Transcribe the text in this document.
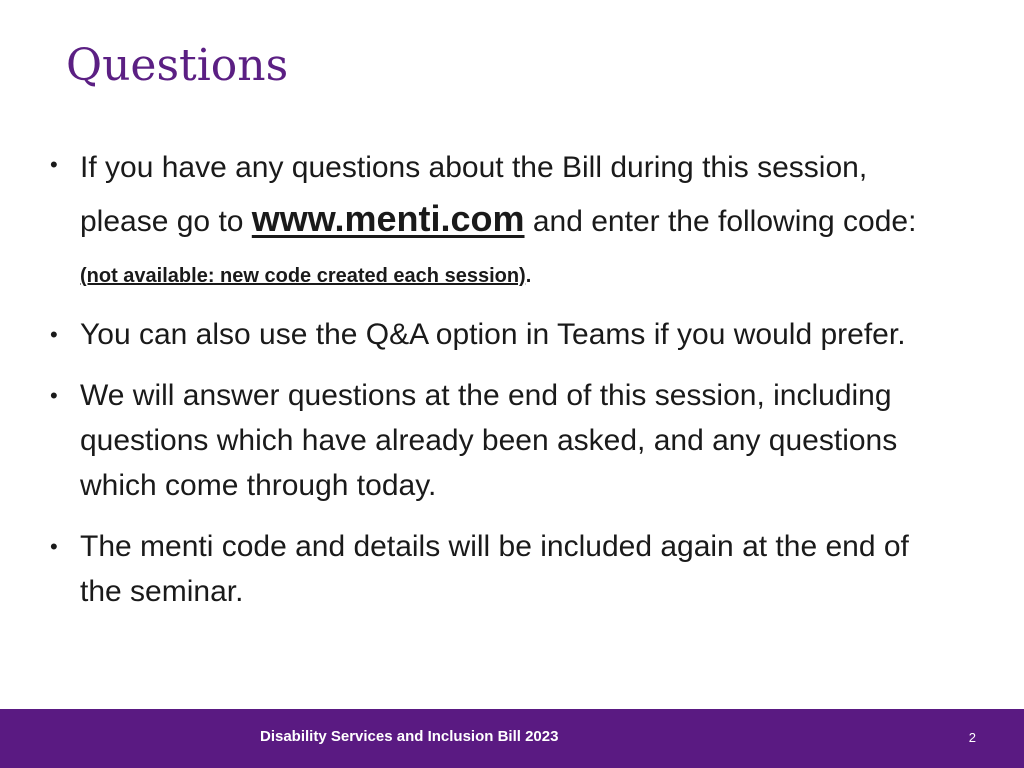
Questions
• If you have any questions about the Bill during this session, please go to www.menti.com and enter the following code: (not available: new code created each session).
• You can also use the Q&A option in Teams if you would prefer.
• We will answer questions at the end of this session, including questions which have already been asked, and any questions which come through today.
• The menti code and details will be included again at the end of the seminar.
Disability Services and Inclusion Bill 2023	2
